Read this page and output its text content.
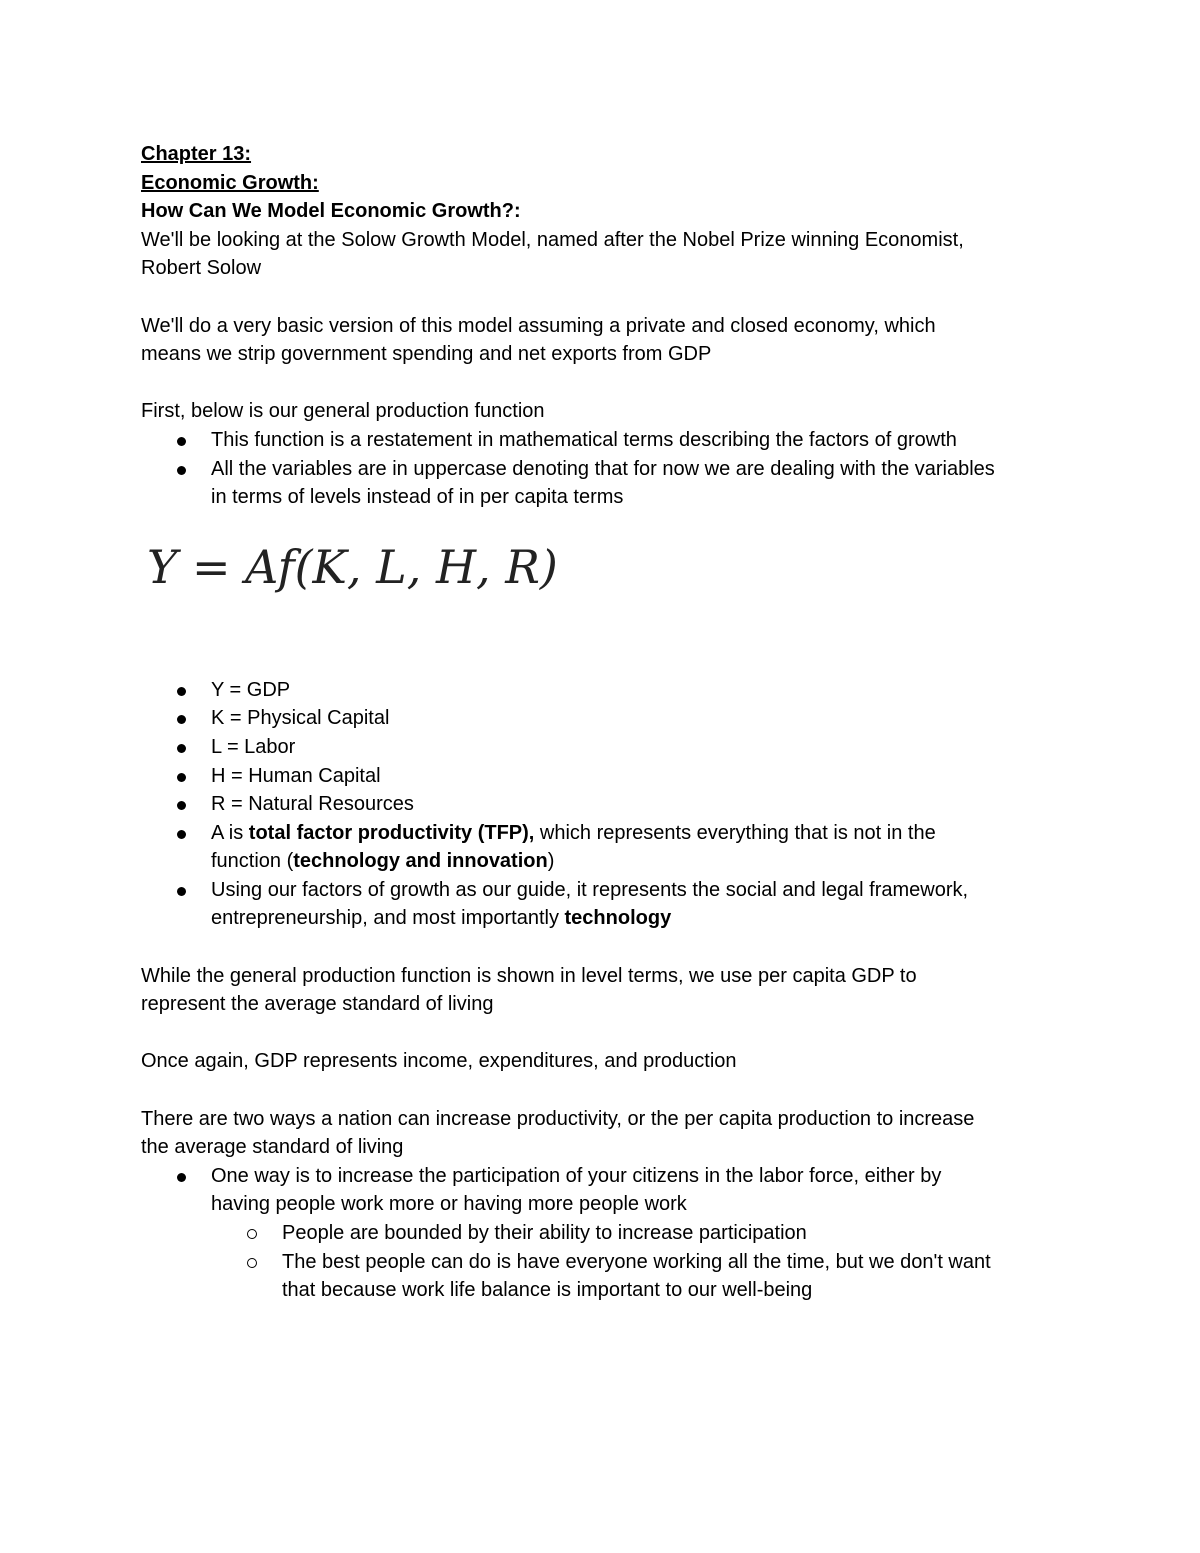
Chapter 13:

Economic Growth:

How Can We Model Economic Growth?:

We'll be looking at the Solow Growth Model, named after the Nobel Prize winning Economist,

Robert Solow

We'll do a very basic version of this model assuming a private and closed economy, which

means we strip government spending and net exports from GDP

First, below is our general production function

This function is a restatement in mathematical terms describing the factors of growth

All the variables are in uppercase denoting that for now we are dealing with the variables

in terms of levels instead of in per capita terms

Y = Af(K, L, H, R)

Y = GDP

K = Physical Capital

L = Labor

H = Human Capital

R = Natural Resources

A is total factor productivity (TFP), which represents everything that is not in the

function (technology and innovation)

Using our factors of growth as our guide, it represents the social and legal framework,

entrepreneurship, and most importantly technology

While the general production function is shown in level terms, we use per capita GDP to

represent the average standard of living

Once again, GDP represents income, expenditures, and production

There are two ways a nation can increase productivity, or the per capita production to increase

the average standard of living

One way is to increase the participation of your citizens in the labor force, either by

having people work more or having more people work

People are bounded by their ability to increase participation

The best people can do is have everyone working all the time, but we don't want

that because work life balance is important to our well-being
